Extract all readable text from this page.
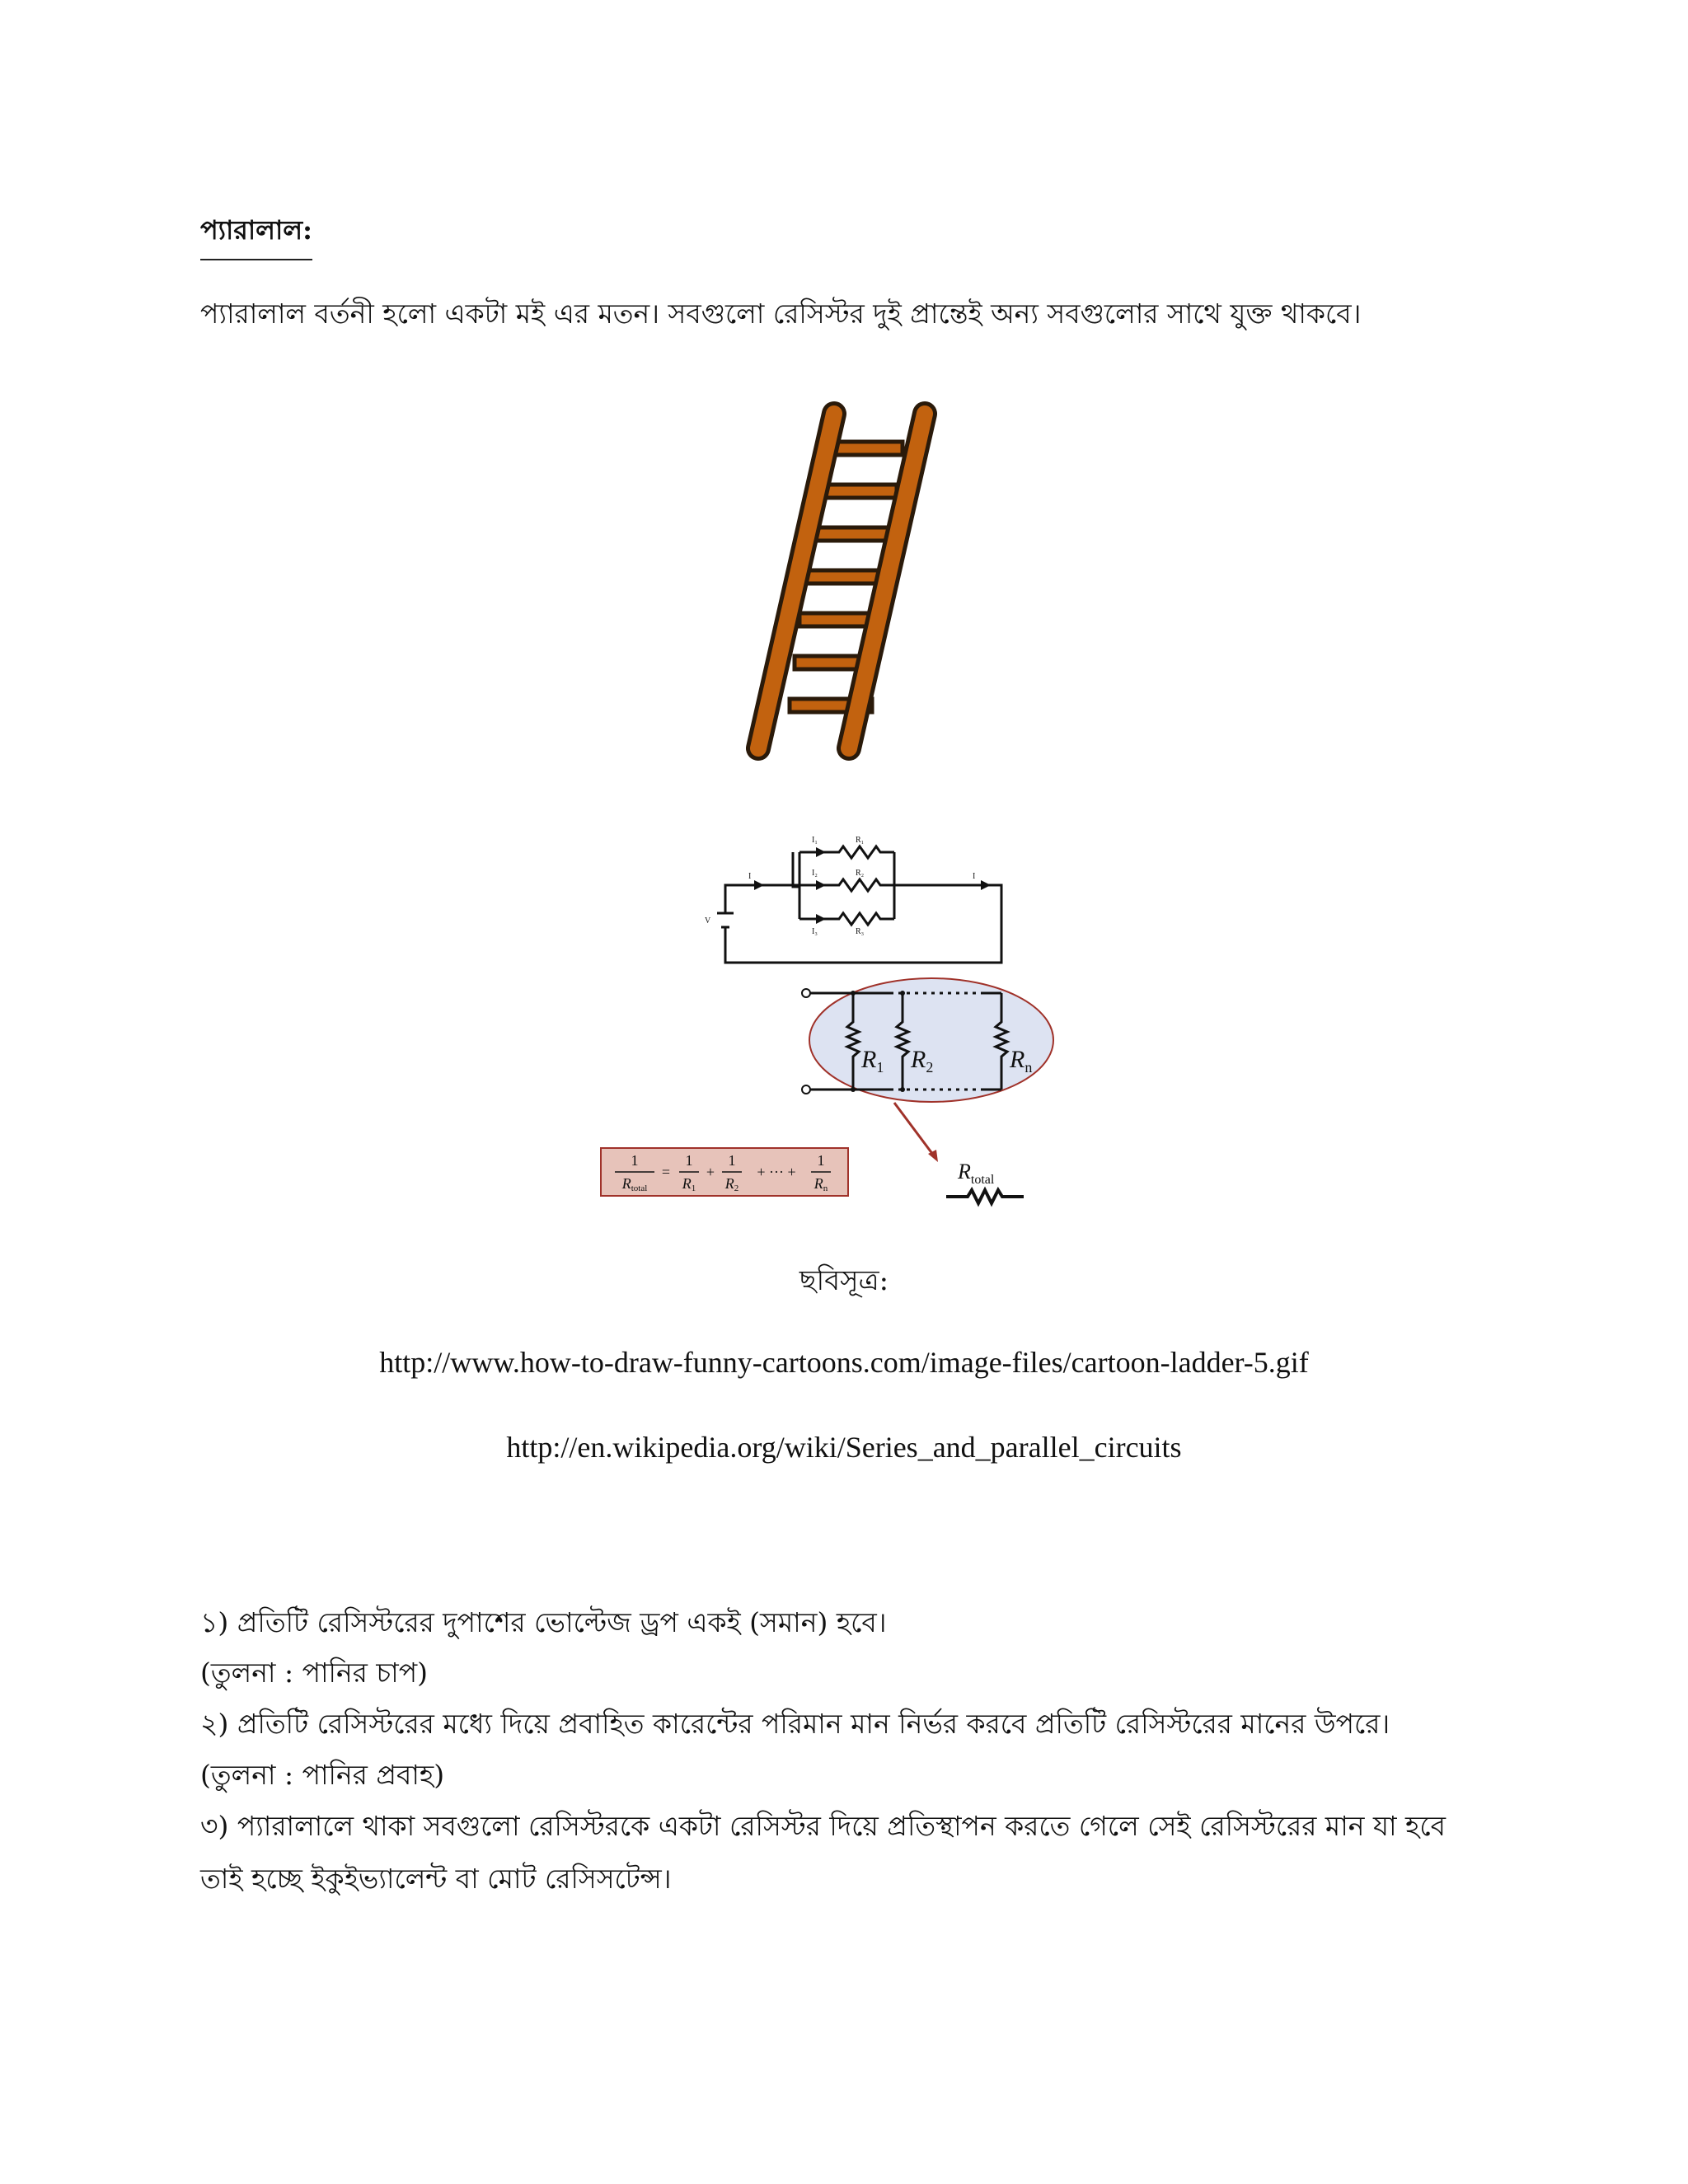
প্যারালাল:
প্যারালাল বর্তনী হলো একটা মই এর মতন। সবগুলো রেসিস্টর দুই প্রান্তেই অন্য সবগুলোর সাথে যুক্ত থাকবে।
I	I
I₁
I₂
I₃
R₁
R₂
R₃
V
$R_1$ $R_2$	$R_n$
$R_{total}$
1
Rtotal
=
1
R1
+
1
R2
+ ··· +
1
Rn
ছবিসূত্র:
http://www.how-to-draw-funny-cartoons.com/image-files/cartoon-ladder-5.gif
http://en.wikipedia.org/wiki/Series_and_parallel_circuits
১) প্রতিটি রেসিস্টরের দুপাশের ভোল্টেজ ড্রপ একই (সমান) হবে।
(তুলনা : পানির চাপ)
২) প্রতিটি রেসিস্টরের মধ্যে দিয়ে প্রবাহিত কারেন্টের পরিমান মান নির্ভর করবে প্রতিটি রেসিস্টরের মানের উপরে।
(তুলনা : পানির প্রবাহ)
৩) প্যারালালে থাকা সবগুলো রেসিস্টরকে একটা রেসিস্টর দিয়ে প্রতিস্থাপন করতে গেলে সেই রেসিস্টরের মান যা হবে
তাই হচ্ছে ইকুইভ্যালেন্ট বা মোট রেসিসটেন্স।
